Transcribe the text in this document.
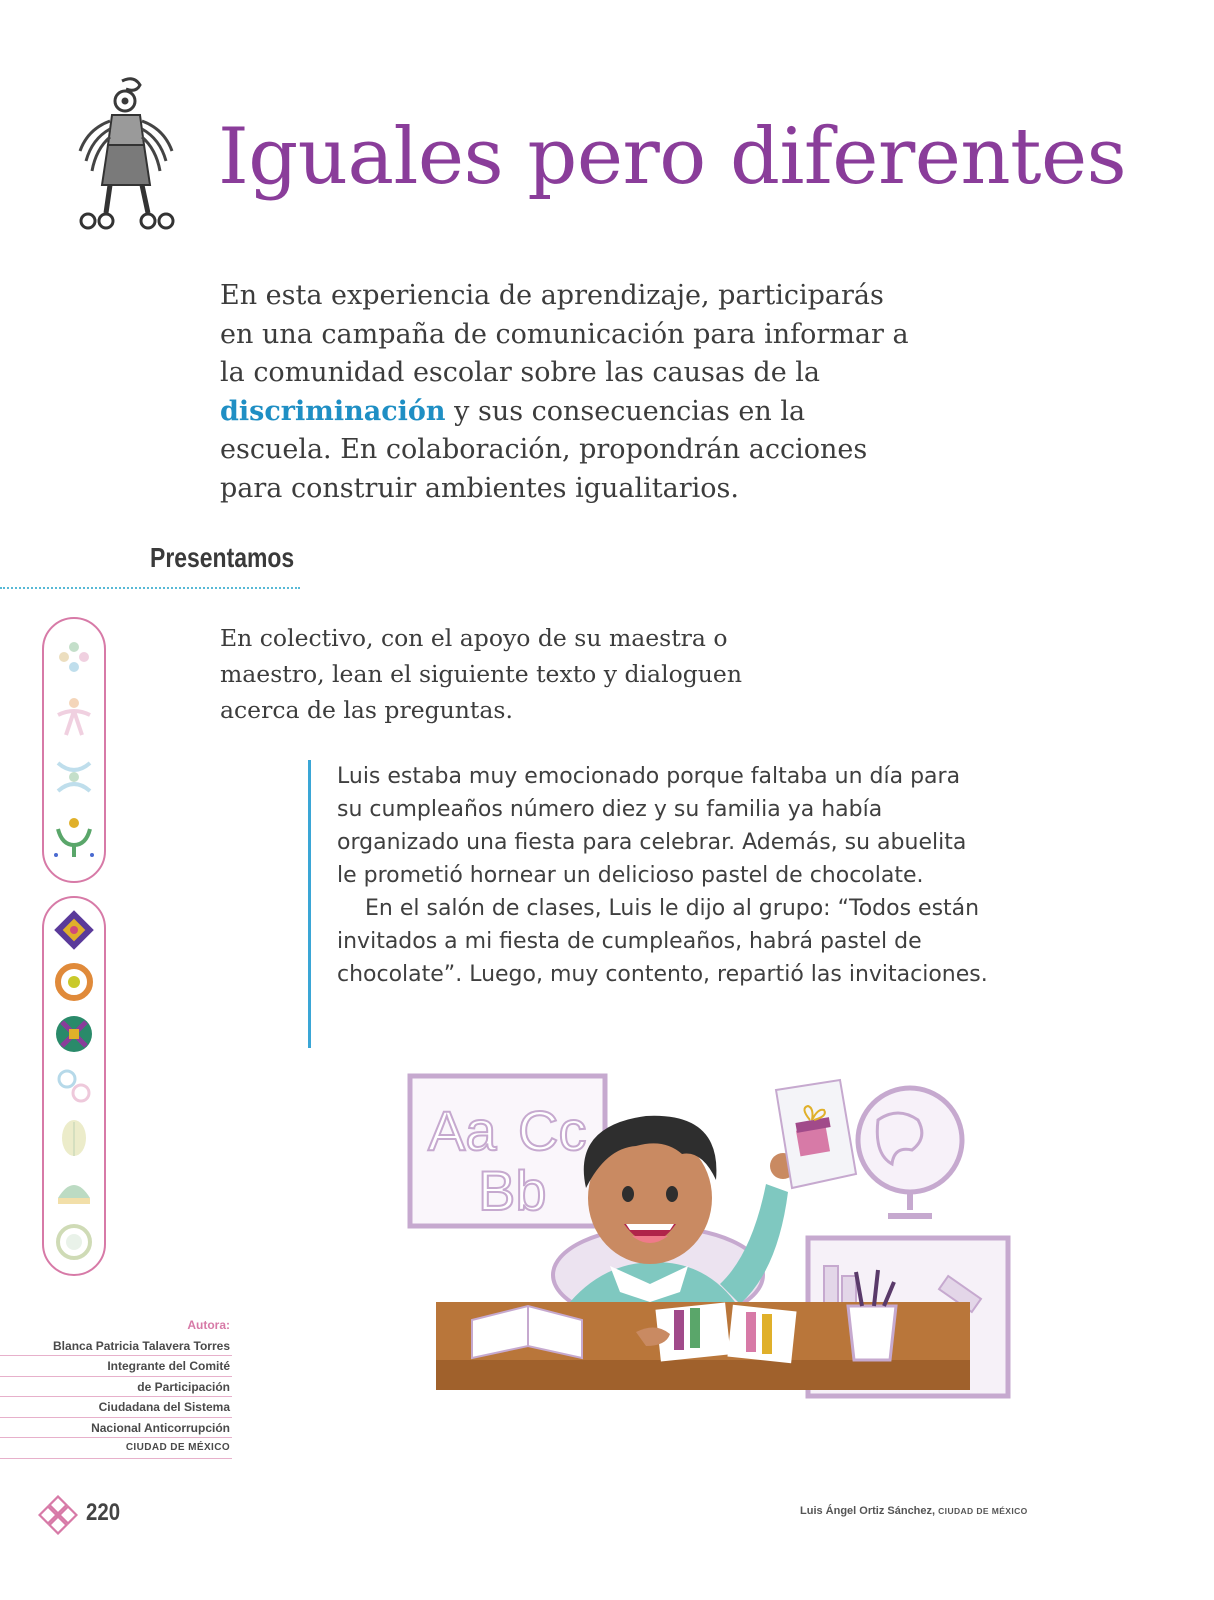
Iguales pero diferentes

En esta experiencia de aprendizaje, participarás en una campaña de comunicación para informar a la comunidad escolar sobre las causas de la discriminación y sus consecuencias en la escuela. En colaboración, propondrán acciones para construir ambientes igualitarios.

Presentamos

En colectivo, con el apoyo de su maestra o maestro, lean el siguiente texto y dialoguen acerca de las preguntas.

Luis estaba muy emocionado porque faltaba un día para su cumpleaños número diez y su familia ya había organizado una fiesta para celebrar. Además, su abuelita le prometió hornear un delicioso pastel de chocolate.

En el salón de clases, Luis le dijo al grupo: “Todos están invitados a mi fiesta de cumpleaños, habrá pastel de chocolate”. Luego, muy contento, repartió las invitaciones.

Autora:
Blanca Patricia Talavera Torres
Integrante del Comité
de Participación
Ciudadana del Sistema
Nacional Anticorrupción
CIUDAD DE MÉXICO
Aa Cc
Bb
220	Luis Ángel Ortiz Sánchez, CIUDAD DE MÉXICO
